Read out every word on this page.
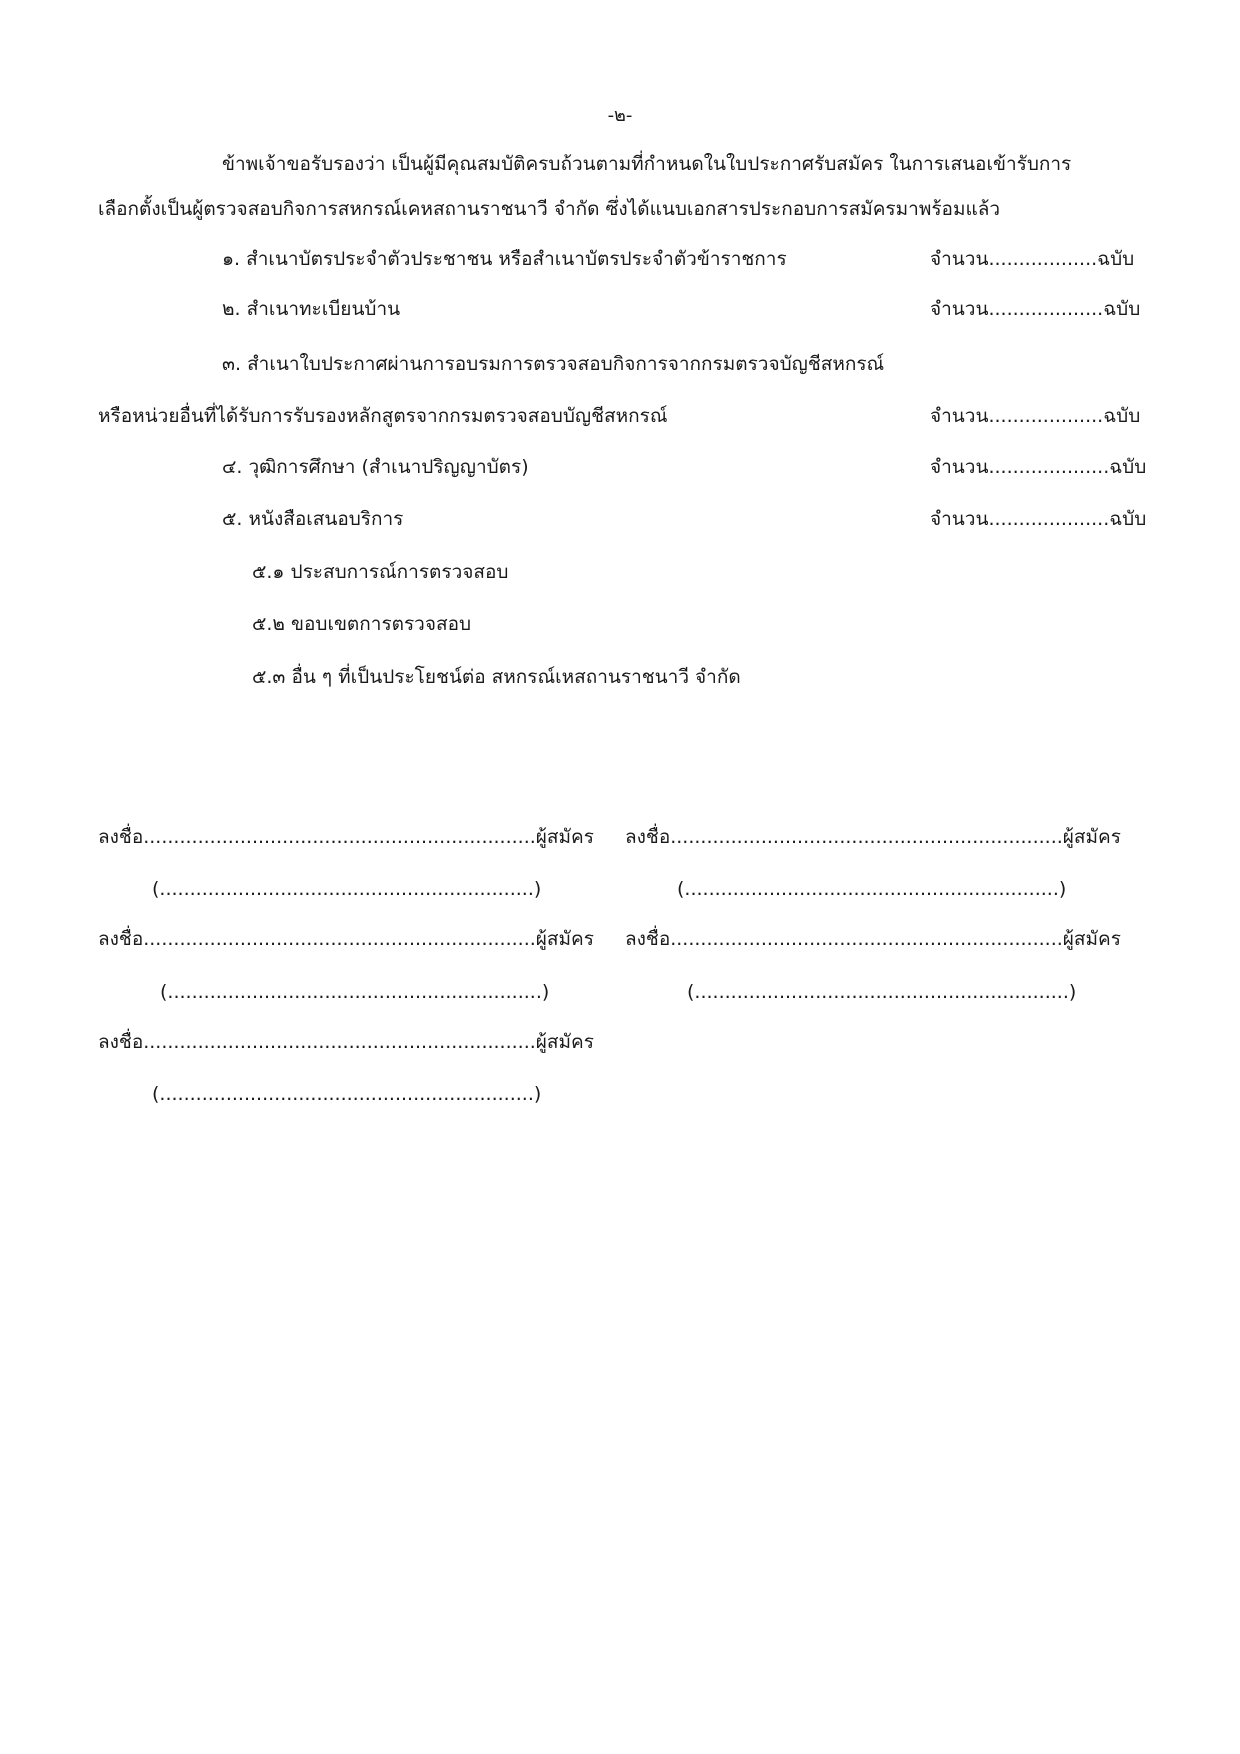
-๒-
ข้าพเจ้าขอรับรองว่า เป็นผู้มีคุณสมบัติครบถ้วนตามที่กำหนดในใบประกาศรับสมัคร ในการเสนอเข้ารับการ
เลือกตั้งเป็นผู้ตรวจสอบกิจการสหกรณ์เคหสถานราชนาวี จำกัด ซึ่งได้แนบเอกสารประกอบการสมัครมาพร้อมแล้ว
๑. สำเนาบัตรประจำตัวประชาชน หรือสำเนาบัตรประจำตัวข้าราชการ	จำนวน..................ฉบับ
๒. สำเนาทะเบียนบ้าน	จำนวน...................ฉบับ
๓. สำเนาใบประกาศผ่านการอบรมการตรวจสอบกิจการจากกรมตรวจบัญชีสหกรณ์
หรือหน่วยอื่นที่ได้รับการรับรองหลักสูตรจากกรมตรวจสอบบัญชีสหกรณ์	จำนวน...................ฉบับ
๔. วุฒิการศึกษา (สำเนาปริญญาบัตร)	จำนวน....................ฉบับ
๕. หนังสือเสนอบริการ	จำนวน....................ฉบับ
๕.๑ ประสบการณ์การตรวจสอบ
๕.๒ ขอบเขตการตรวจสอบ
๕.๓ อื่น ๆ ที่เป็นประโยชน์ต่อ สหกรณ์เหสถานราชนาวี จำกัด
ลงชื่อ.................................................................ผู้สมัคร
(..............................................................)
ลงชื่อ.................................................................ผู้สมัคร
(..............................................................)
ลงชื่อ.................................................................ผู้สมัคร
(..............................................................)
ลงชื่อ.................................................................ผู้สมัคร
(..............................................................)
ลงชื่อ.................................................................ผู้สมัคร
(..............................................................)
